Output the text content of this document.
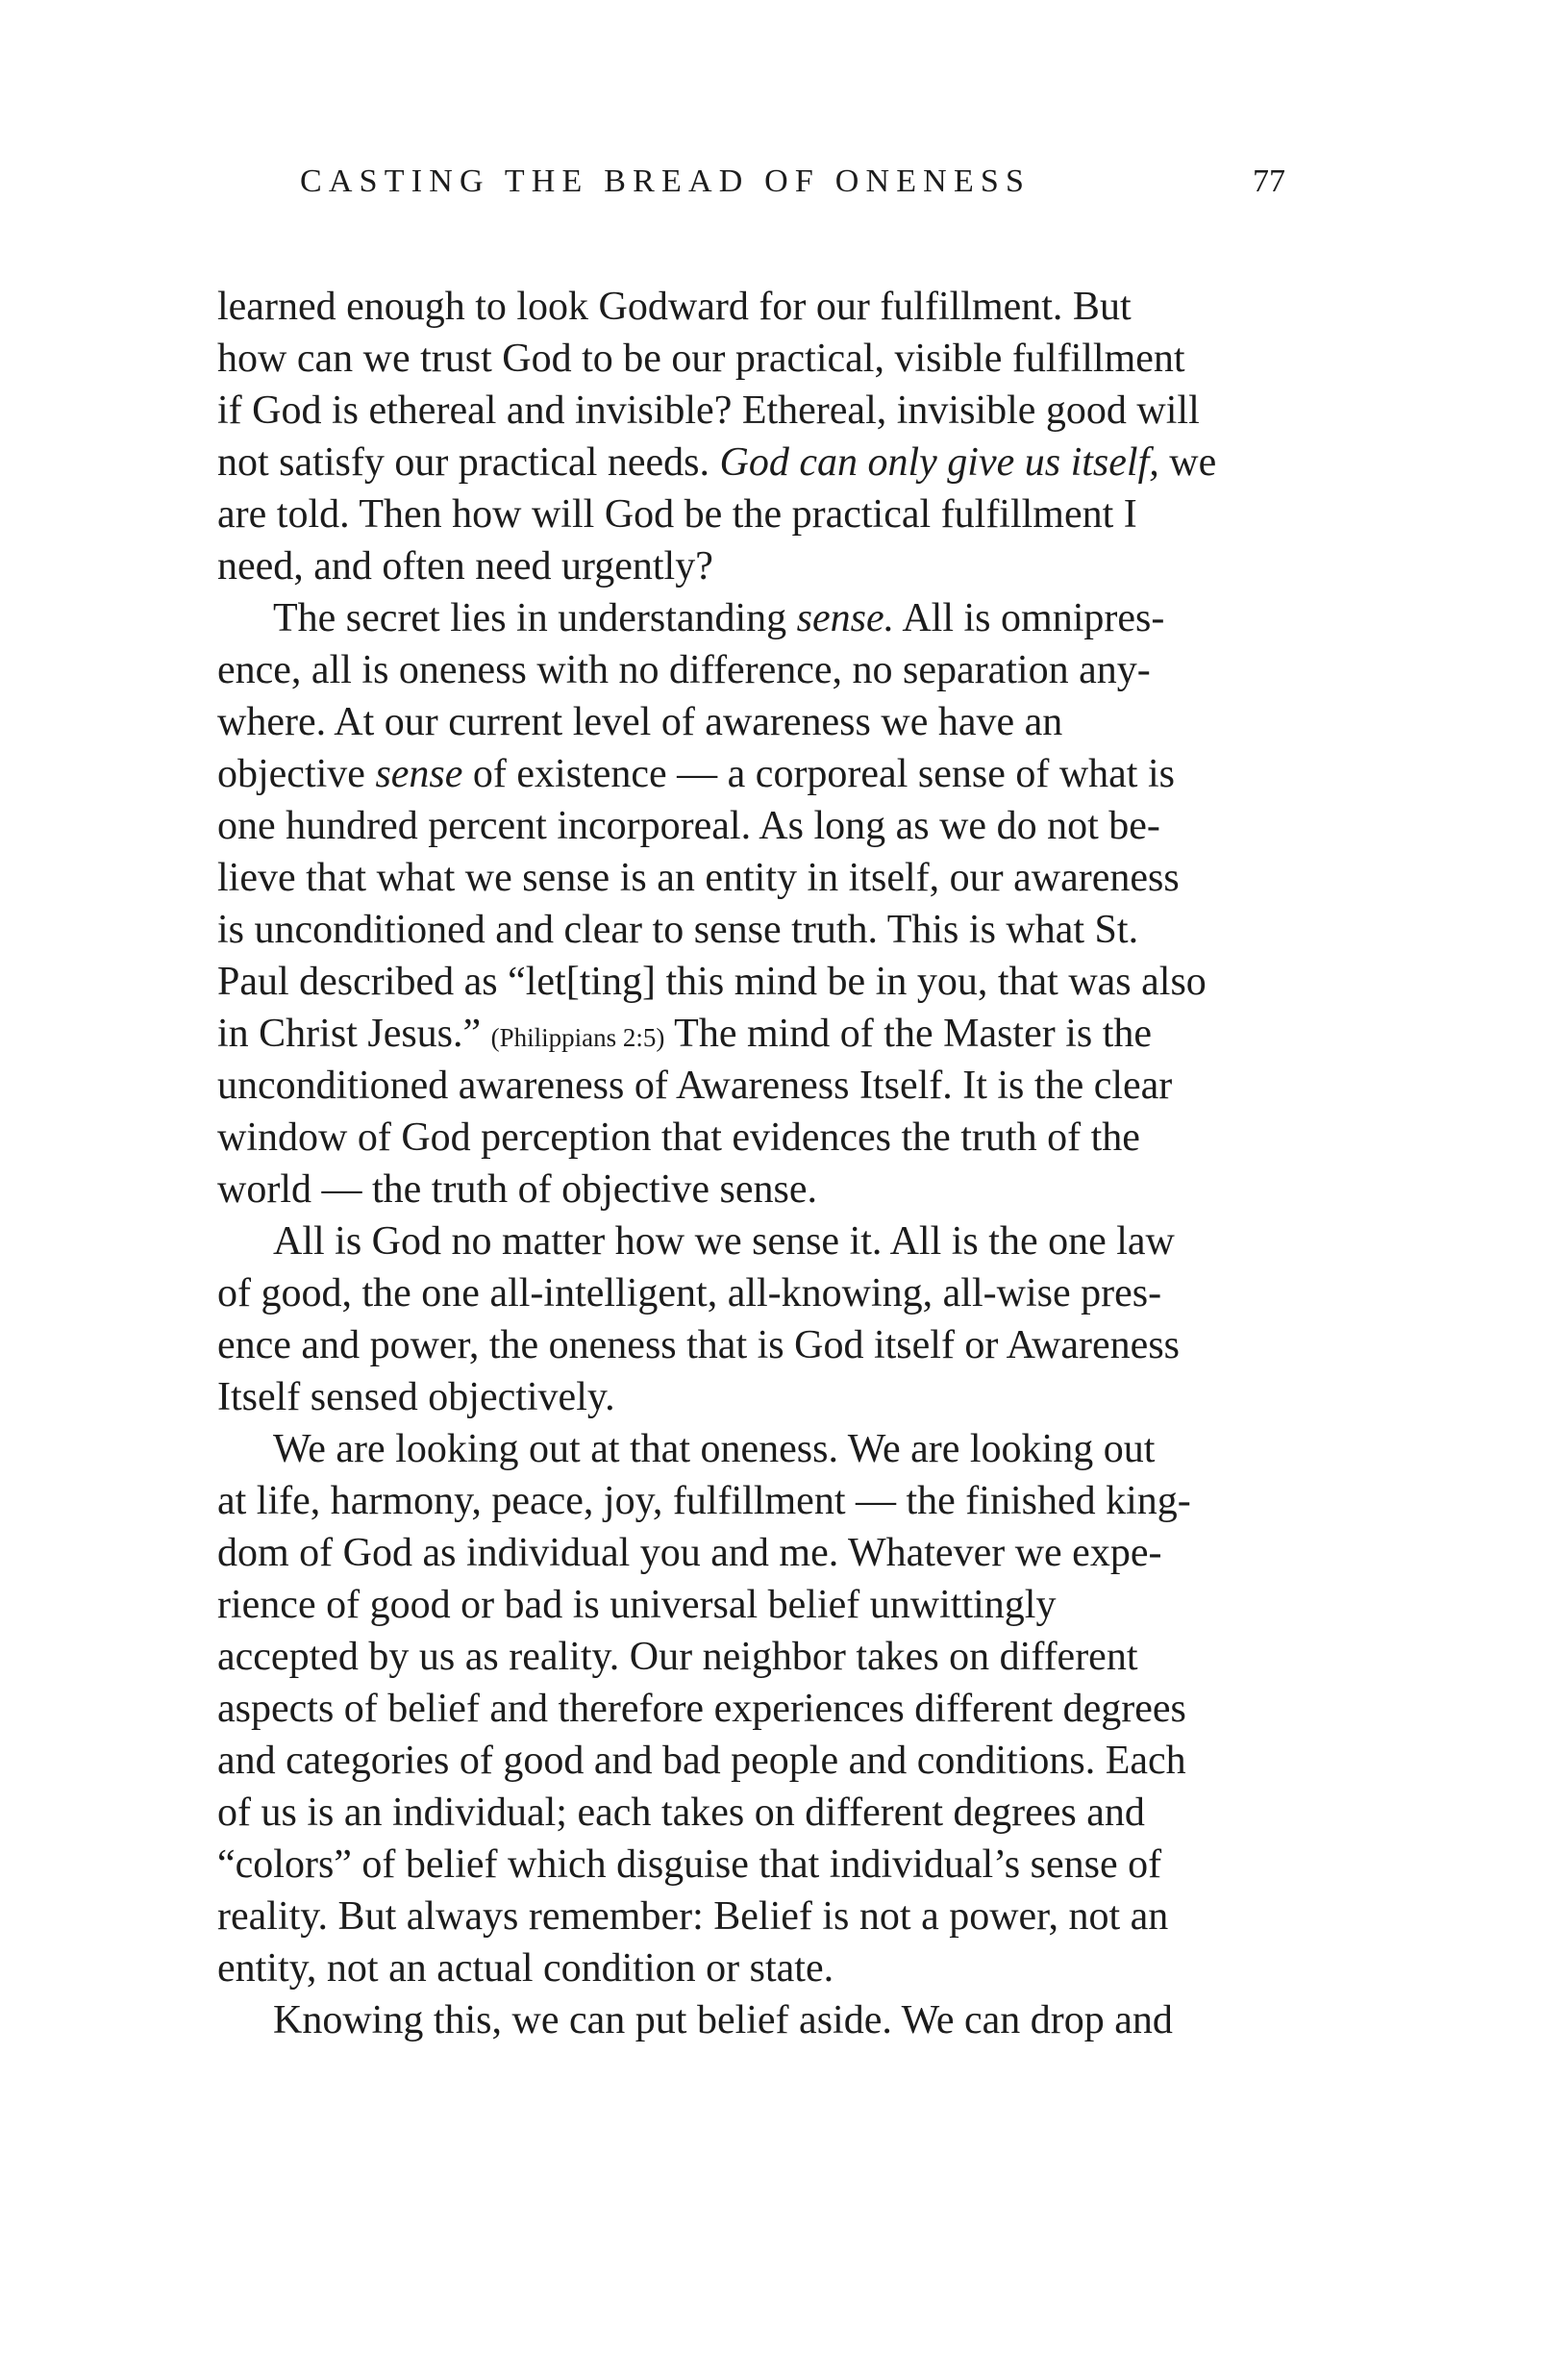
CASTING THE BREAD OF ONENESS	77
learned enough to look Godward for our fulfillment. But
how can we trust God to be our practical, visible fulfillment
if God is ethereal and invisible? Ethereal, invisible good will
not satisfy our practical needs. God can only give us itself, we
are told. Then how will God be the practical fulfillment I
need, and often need urgently?
The secret lies in understanding sense. All is omnipres-
ence, all is oneness with no difference, no separation any-
where. At our current level of awareness we have an
objective sense of existence — a corporeal sense of what is
one hundred percent incorporeal. As long as we do not be-
lieve that what we sense is an entity in itself, our awareness
is unconditioned and clear to sense truth. This is what St.
Paul described as “let[ting] this mind be in you, that was also
in Christ Jesus.” (Philippians 2:5) The mind of the Master is the
unconditioned awareness of Awareness Itself. It is the clear
window of God perception that evidences the truth of the
world — the truth of objective sense.
All is God no matter how we sense it. All is the one law
of good, the one all-intelligent, all-knowing, all-wise pres-
ence and power, the oneness that is God itself or Awareness
Itself sensed objectively.
We are looking out at that oneness. We are looking out
at life, harmony, peace, joy, fulfillment — the finished king-
dom of God as individual you and me. Whatever we expe-
rience of good or bad is universal belief unwittingly
accepted by us as reality. Our neighbor takes on different
aspects of belief and therefore experiences different degrees
and categories of good and bad people and conditions. Each
of us is an individual; each takes on different degrees and
“colors” of belief which disguise that individual’s sense of
reality. But always remember: Belief is not a power, not an
entity, not an actual condition or state.
Knowing this, we can put belief aside. We can drop and
